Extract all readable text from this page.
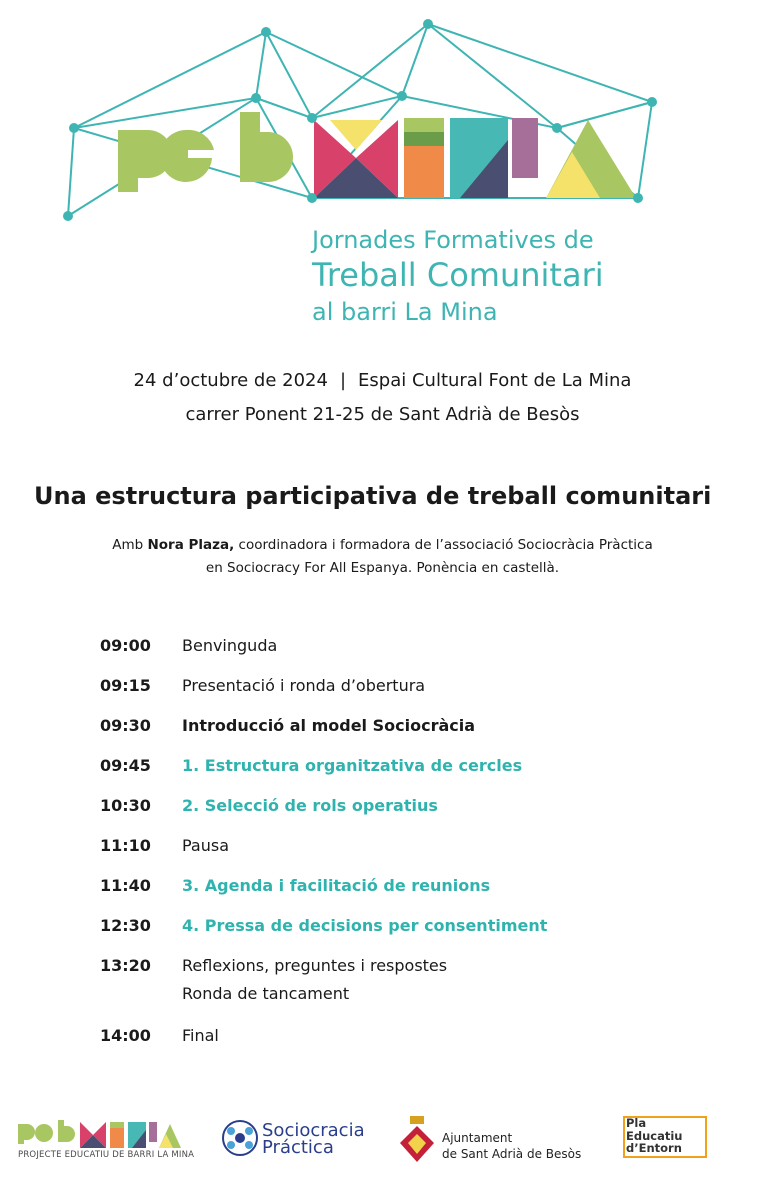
Jornades Formatives de
Treball Comunitari
al barri La Mina
24 d’octubre de 2024 | Espai Cultural Font de La Mina
carrer Ponent 21-25 de Sant Adrià de Besòs
Una estructura participativa de treball comunitari
Amb Nora Plaza, coordinadora i formadora de l’associació Sociocràcia Pràctica
en Sociocracy For All Espanya. Ponència en castellà.
09:00	Benvinguda
09:15	Presentació i ronda d’obertura
09:30	Introducció al model Sociocràcia
09:45	1. Estructura organitzativa de cercles
10:30	2. Selecció de rols operatius
11:10	Pausa
11:40	3. Agenda i facilitació de reunions
12:30	4. Pressa de decisions per consentiment
13:20	Reflexions, preguntes i respostes
Ronda de tancament
14:00	Final
PROJECTE EDUCATIU DE BARRI LA MINA
Sociocracia
Práctica	Ajuntament
de Sant Adrià de Besòs
Pla
Educatiu
d’Entorn
